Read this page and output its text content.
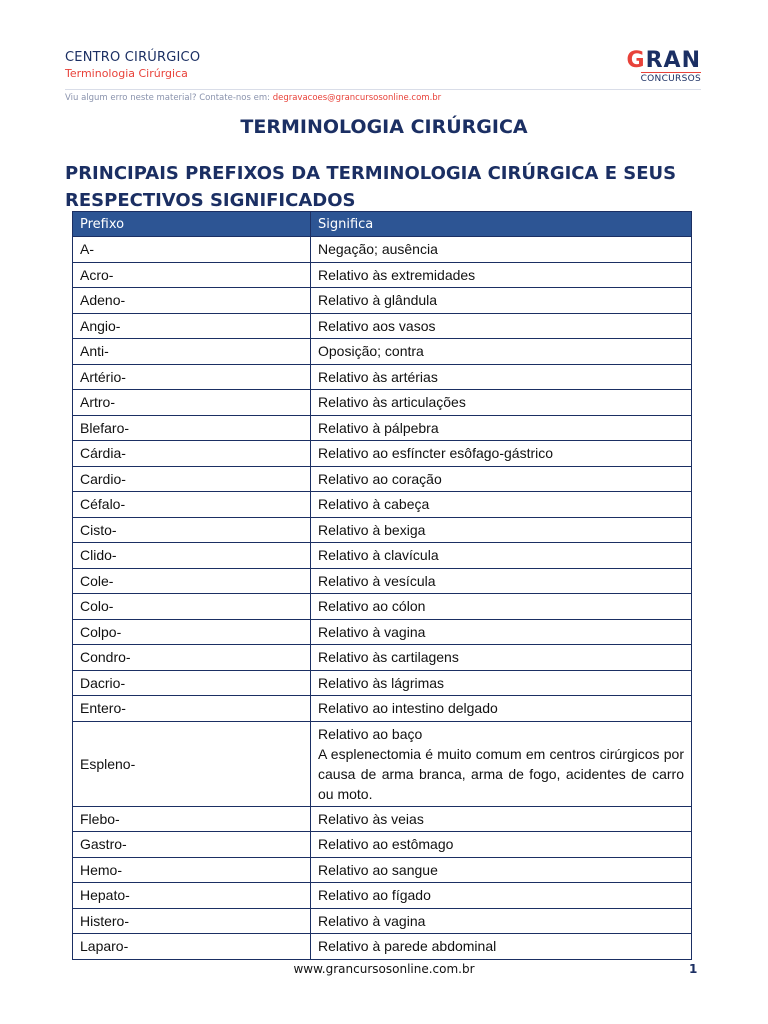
CENTRO CIRÚRGICO
Terminologia Cirúrgica
GRAN
CONCURSOS
Viu algum erro neste material? Contate-nos em: degravacoes@grancursosonline.com.br
TERMINOLOGIA CIRÚRGICA
PRINCIPAIS PREFIXOS DA TERMINOLOGIA CIRÚRGICA E SEUS RESPECTIVOS SIGNIFICADOS
Prefixo	Significa
A-	Negação; ausência
Acro-	Relativo às extremidades
Adeno-	Relativo à glândula
Angio-	Relativo aos vasos
Anti-	Oposição; contra
Artério-	Relativo às artérias
Artro-	Relativo às articulações
Blefaro-	Relativo à pálpebra
Cárdia-	Relativo ao esfíncter esôfago-gástrico
Cardio-	Relativo ao coração
Céfalo-	Relativo à cabeça
Cisto-	Relativo à bexiga
Clido-	Relativo à clavícula
Cole-	Relativo à vesícula
Colo-	Relativo ao cólon
Colpo-	Relativo à vagina
Condro-	Relativo às cartilagens
Dacrio-	Relativo às lágrimas
Entero-	Relativo ao intestino delgado
Espleno-	Relativo ao baço
A esplenectomia é muito comum em centros cirúrgicos por causa de arma branca, arma de fogo, acidentes de carro ou moto.

Flebo-	Relativo às veias
Gastro-	Relativo ao estômago
Hemo-	Relativo ao sangue
Hepato-	Relativo ao fígado
Histero-	Relativo à vagina
Laparo-	Relativo à parede abdominal
www.grancursosonline.com.br	1
